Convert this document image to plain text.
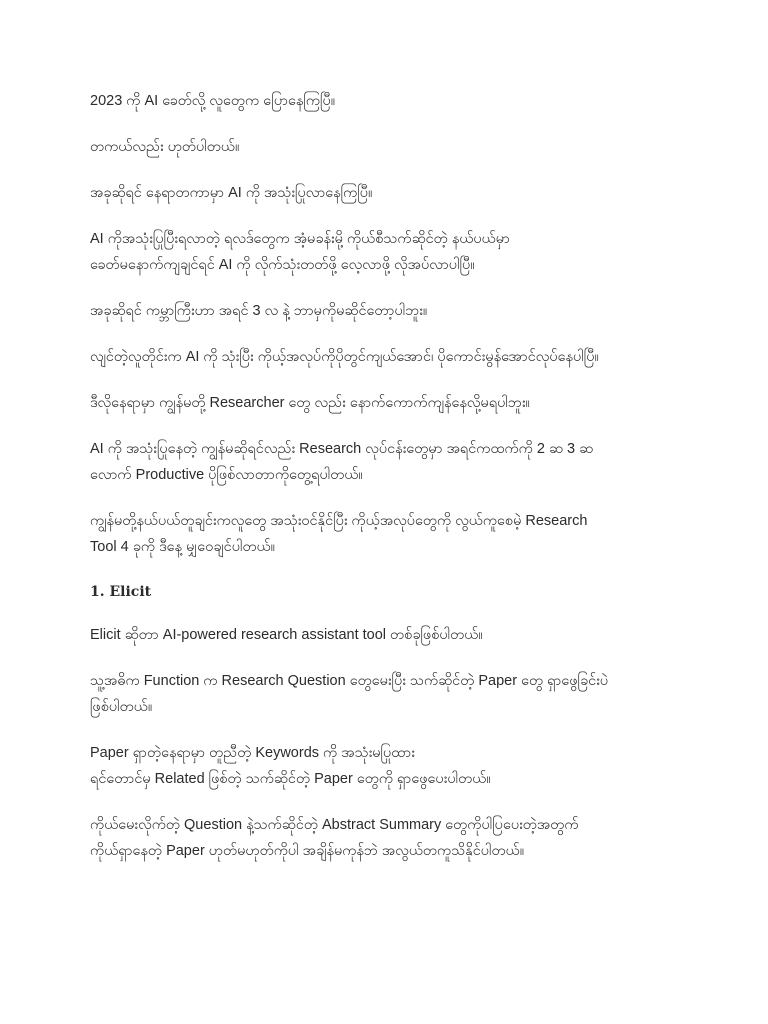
2023 ကို AI ခေတ်လို့ လူတွေက ပြောနေကြပြီ။

တကယ်လည်း ဟုတ်ပါတယ်။

အခုဆိုရင် နေရာတကာမှာ AI ကို အသုံးပြုလာနေကြပြီ။

AI ကိုအသုံးပြုပြီးရလာတဲ့ ရလဒ်တွေက အံ့မခန်းမို့ ကိုယ်စီသက်ဆိုင်တဲ့ နယ်ပယ်မှာ
ခေတ်မနောက်ကျချင်ရင် AI ကို လိုက်သုံးတတ်ဖို့ လေ့လာဖို့ လိုအပ်လာပါပြီ။

အခုဆိုရင် ကမ္ဘာကြီးဟာ အရင် 3 လ နဲ့ ဘာမှကိုမဆိုင်တော့ပါဘူး။

လျင်တဲ့လူတိုင်းက AI ကို သုံးပြီး ကိုယ့်အလုပ်ကိုပိုတွင်ကျယ်အောင်၊ ပိုကောင်းမွန်အောင်လုပ်နေပါပြီ။

ဒီလိုနေရာမှာ ကျွန်မတို့ Researcher တွေ လည်း နောက်ကောက်ကျန်နေလို့မရပါဘူး။

AI ကို အသုံးပြုနေတဲ့ ကျွန်မဆိုရင်လည်း Research လုပ်ငန်းတွေမှာ အရင်ကထက်ကို 2 ဆ 3 ဆ
လောက် Productive ပိုဖြစ်လာတာကိုတွေ့ရပါတယ်။

ကျွန်မတို့နယ်ပယ်တူချင်းကလူတွေ အသုံးဝင်နိုင်ပြီး ကိုယ့်အလုပ်တွေကို လွယ်ကူစေမဲ့ Research
Tool 4 ခုကို ဒီနေ့ မျှဝေချင်ပါတယ်။

1. Elicit

Elicit ဆိုတာ AI-powered research assistant tool တစ်ခုဖြစ်ပါတယ်။

သူ့အဓိက Function က Research Question တွေမေးပြီး သက်ဆိုင်တဲ့ Paper တွေ ရှာဖွေခြင်းပဲ
ဖြစ်ပါတယ်။

Paper ရှာတဲ့နေရာမှာ တူညီတဲ့ Keywords ကို အသုံးမပြုထား
ရင်တောင်မှ Related ဖြစ်တဲ့ သက်ဆိုင်တဲ့ Paper တွေကို ရှာဖွေပေးပါတယ်။

ကိုယ်မေးလိုက်တဲ့ Question နဲ့သက်ဆိုင်တဲ့ Abstract Summary တွေကိုပါပြပေးတဲ့အတွက်
ကိုယ်ရှာနေတဲ့ Paper ဟုတ်မဟုတ်ကိုပါ အချိန်မကုန်ဘဲ အလွယ်တကူသိနိုင်ပါတယ်။
